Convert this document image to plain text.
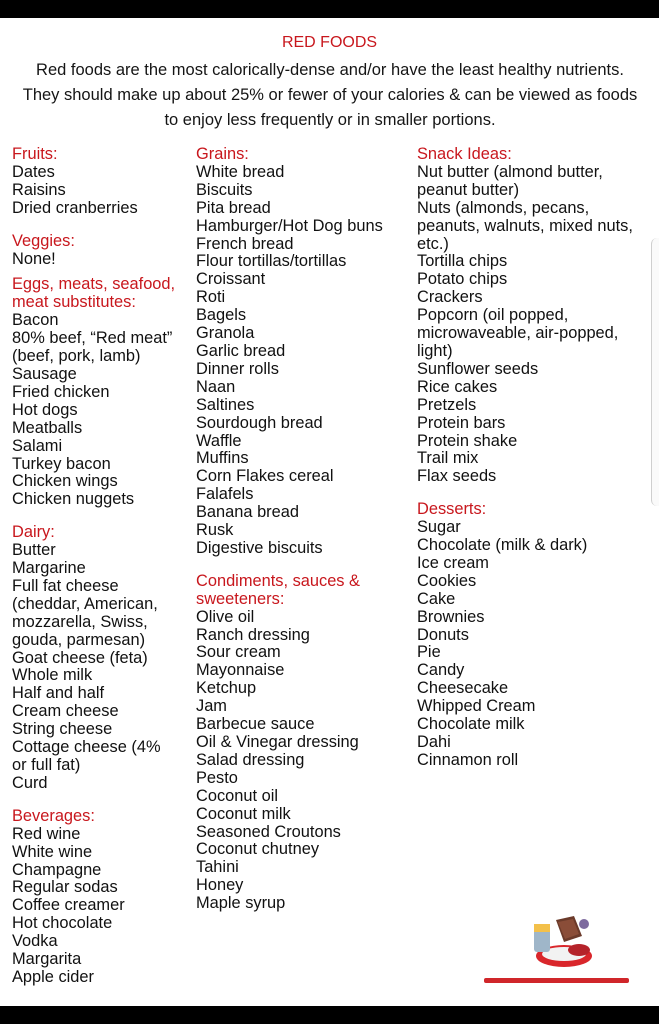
RED FOODS
Red foods are the most calorically-dense and/or have the least healthy nutrients. They should make up about 25% or fewer of your calories & can be viewed as foods to enjoy less frequently or in smaller portions.
Fruits:
Dates
Raisins
Dried cranberries
Veggies:
None!
Eggs, meats, seafood,
meat substitutes:
Bacon
80% beef, “Red meat”
(beef, pork, lamb)
Sausage
Fried chicken
Hot dogs
Meatballs
Salami
Turkey bacon
Chicken wings
Chicken nuggets
Dairy:
Butter
Margarine
Full fat cheese
(cheddar, American,
mozzarella, Swiss,
gouda, parmesan)
Goat cheese (feta)
Whole milk
Half and half
Cream cheese
String cheese
Cottage cheese (4%
or full fat)
Curd
Beverages:
Red wine
White wine
Champagne
Regular sodas
Coffee creamer
Hot chocolate
Vodka
Margarita
Apple cider
Grains:
White bread
Biscuits
Pita bread
Hamburger/Hot Dog buns
French bread
Flour tortillas/tortillas
Croissant
Roti
Bagels
Granola
Garlic bread
Dinner rolls
Naan
Saltines
Sourdough bread
Waffle
Muffins
Corn Flakes cereal
Falafels
Banana bread
Rusk
Digestive biscuits
Condiments, sauces &
sweeteners:
Olive oil
Ranch dressing
Sour cream
Mayonnaise
Ketchup
Jam
Barbecue sauce
Oil & Vinegar dressing
Salad dressing
Pesto
Coconut oil
Coconut milk
Seasoned Croutons
Coconut chutney
Tahini
Honey
Maple syrup
Snack Ideas:
Nut butter (almond butter,
peanut butter)
Nuts (almonds, pecans,
peanuts, walnuts, mixed nuts,
etc.)
Tortilla chips
Potato chips
Crackers
Popcorn (oil popped,
microwaveable, air-popped,
light)
Sunflower seeds
Rice cakes
Pretzels
Protein bars
Protein shake
Trail mix
Flax seeds
Desserts:
Sugar
Chocolate (milk & dark)
Ice cream
Cookies
Cake
Brownies
Donuts
Pie
Candy
Cheesecake
Whipped Cream
Chocolate milk
Dahi
Cinnamon roll
